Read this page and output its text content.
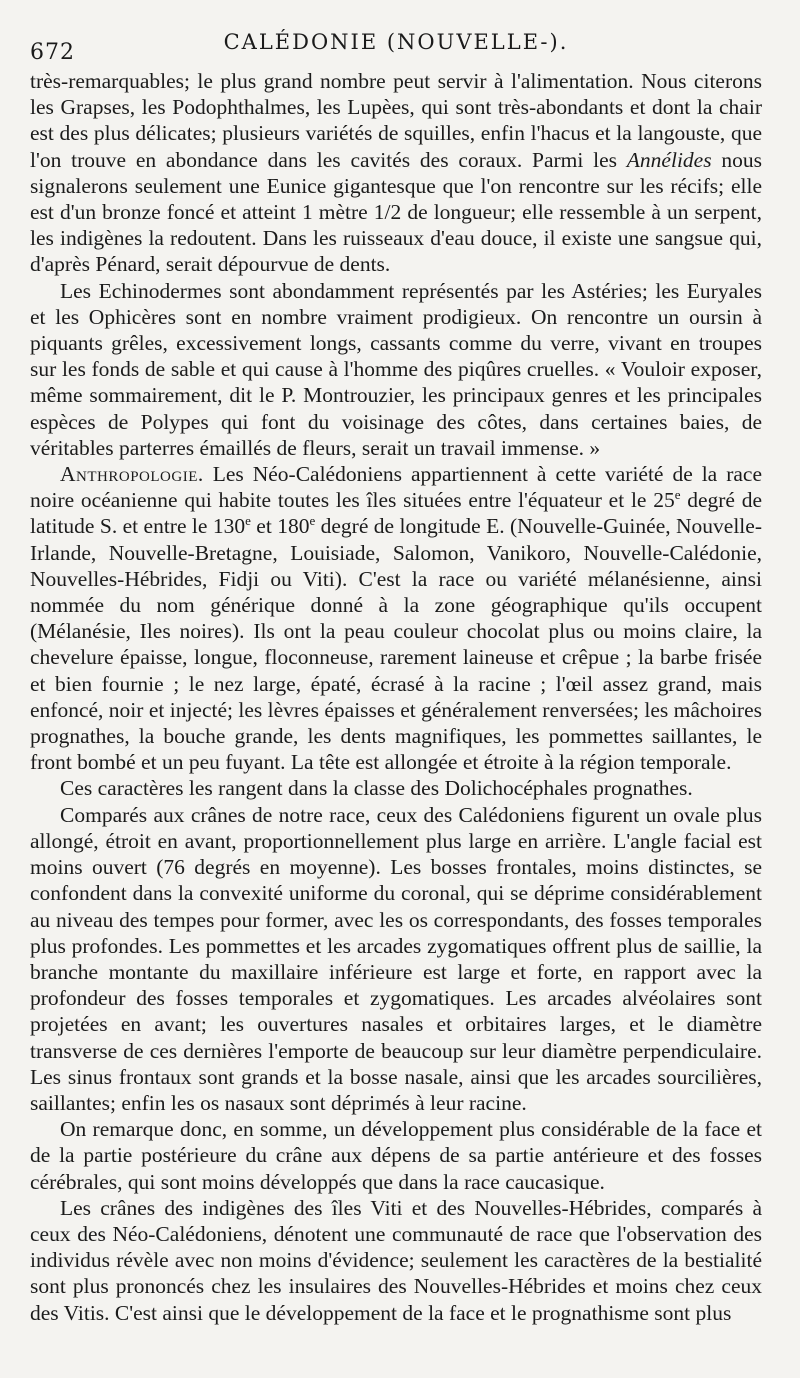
672	CALÉDONIE (NOUVELLE-).

très-remarquables; le plus grand nombre peut servir à l'alimentation. Nous citerons les Grapses, les Podophthalmes, les Lupèes, qui sont très-abondants et dont la chair est des plus délicates; plusieurs variétés de squilles, enfin l'hacus et la langouste, que l'on trouve en abondance dans les cavités des coraux. Parmi les Annélides nous signalerons seulement une Eunice gigantesque que l'on rencontre sur les récifs; elle est d'un bronze foncé et atteint 1 mètre 1/2 de longueur; elle ressemble à un serpent, les indigènes la redoutent. Dans les ruisseaux d'eau douce, il existe une sangsue qui, d'après Pénard, serait dépourvue de dents.

Les Echinodermes sont abondamment représentés par les Astéries; les Euryales et les Ophicères sont en nombre vraiment prodigieux. On rencontre un oursin à piquants grêles, excessivement longs, cassants comme du verre, vivant en troupes sur les fonds de sable et qui cause à l'homme des piqûres cruelles. « Vouloir exposer, même sommairement, dit le P. Montrouzier, les principaux genres et les principales espèces de Polypes qui font du voisinage des côtes, dans certaines baies, de véritables parterres émaillés de fleurs, serait un travail immense. »

Anthropologie. Les Néo-Calédoniens appartiennent à cette variété de la race noire océanienne qui habite toutes les îles situées entre l'équateur et le 25e degré de latitude S. et entre le 130e et 180e degré de longitude E. (Nouvelle-Guinée, Nouvelle-Irlande, Nouvelle-Bretagne, Louisiade, Salomon, Vanikoro, Nouvelle-Calédonie, Nouvelles-Hébrides, Fidji ou Viti). C'est la race ou variété mélanésienne, ainsi nommée du nom générique donné à la zone géographique qu'ils occupent (Mélanésie, Iles noires). Ils ont la peau couleur chocolat plus ou moins claire, la chevelure épaisse, longue, floconneuse, rarement laineuse et crêpue ; la barbe frisée et bien fournie ; le nez large, épaté, écrasé à la racine ; l'œil assez grand, mais enfoncé, noir et injecté; les lèvres épaisses et généralement renversées; les mâchoires prognathes, la bouche grande, les dents magnifiques, les pommettes saillantes, le front bombé et un peu fuyant. La tête est allongée et étroite à la région temporale.

Ces caractères les rangent dans la classe des Dolichocéphales prognathes.

Comparés aux crânes de notre race, ceux des Calédoniens figurent un ovale plus allongé, étroit en avant, proportionnellement plus large en arrière. L'angle facial est moins ouvert (76 degrés en moyenne). Les bosses frontales, moins distinctes, se confondent dans la convexité uniforme du coronal, qui se déprime considérablement au niveau des tempes pour former, avec les os correspondants, des fosses temporales plus profondes. Les pommettes et les arcades zygomatiques offrent plus de saillie, la branche montante du maxillaire inférieure est large et forte, en rapport avec la profondeur des fosses temporales et zygomatiques. Les arcades alvéolaires sont projetées en avant; les ouvertures nasales et orbitaires larges, et le diamètre transverse de ces dernières l'emporte de beaucoup sur leur diamètre perpendiculaire. Les sinus frontaux sont grands et la bosse nasale, ainsi que les arcades sourcilières, saillantes; enfin les os nasaux sont déprimés à leur racine.

On remarque donc, en somme, un développement plus considérable de la face et de la partie postérieure du crâne aux dépens de sa partie antérieure et des fosses cérébrales, qui sont moins développés que dans la race caucasique.

Les crânes des indigènes des îles Viti et des Nouvelles-Hébrides, comparés à ceux des Néo-Calédoniens, dénotent une communauté de race que l'observation des individus révèle avec non moins d'évidence; seulement les caractères de la bestialité sont plus prononcés chez les insulaires des Nouvelles-Hébrides et moins chez ceux des Vitis. C'est ainsi que le développement de la face et le prognathisme sont plus
